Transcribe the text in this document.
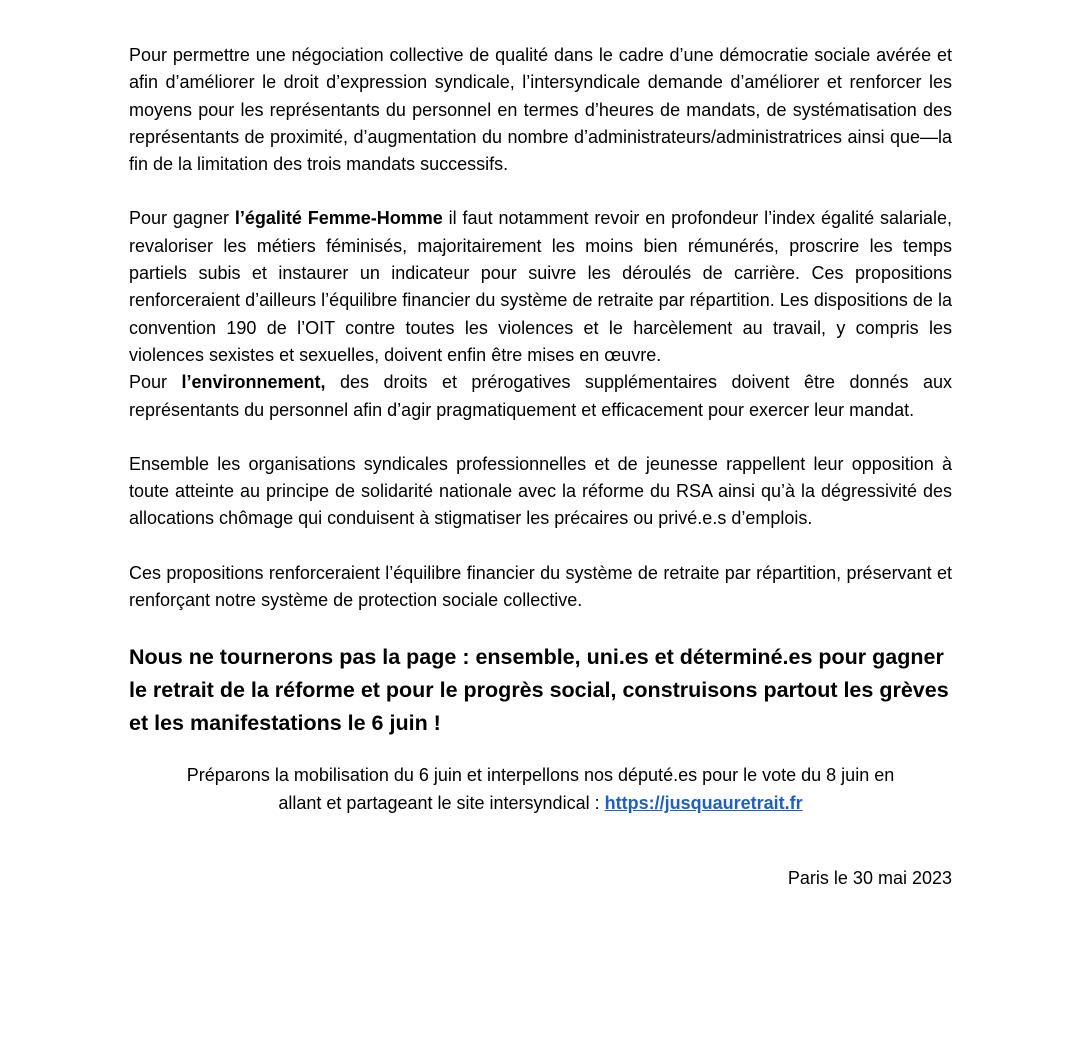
Pour permettre une négociation collective de qualité dans le cadre d’une démocratie sociale avérée et afin d’améliorer le droit d’expression syndicale, l’intersyndicale demande d’améliorer et renforcer les moyens pour les représentants du personnel en termes d’heures de mandats, de systématisation des représentants de proximité, d’augmentation du nombre d’administrateurs/administratrices ainsi que—la fin de la limitation des trois mandats successifs.

Pour gagner l’égalité Femme-Homme il faut notamment revoir en profondeur l’index égalité salariale, revaloriser les métiers féminisés, majoritairement les moins bien rémunérés, proscrire les temps partiels subis et instaurer un indicateur pour suivre les déroulés de carrière. Ces propositions renforceraient d’ailleurs l’équilibre financier du système de retraite par répartition. Les dispositions de la convention 190 de l’OIT contre toutes les violences et le harcèlement au travail, y compris les violences sexistes et sexuelles, doivent enfin être mises en œuvre.

Pour l’environnement, des droits et prérogatives supplémentaires doivent être donnés aux représentants du personnel afin d’agir pragmatiquement et efficacement pour exercer leur mandat.

Ensemble les organisations syndicales professionnelles et de jeunesse rappellent leur opposition à toute atteinte au principe de solidarité nationale avec la réforme du RSA ainsi qu’à la dégressivité des allocations chômage qui conduisent à stigmatiser les précaires ou privé.e.s d’emplois.

Ces propositions renforceraient l’équilibre financier du système de retraite par répartition, préservant et renforçant notre système de protection sociale collective.

Nous ne tournerons pas la page : ensemble, uni.es et déterminé.es pour gagner le retrait de la réforme et pour le progrès social, construisons partout les grèves et les manifestations le 6 juin !

Préparons la mobilisation du 6 juin et interpellons nos député.es pour le vote du 8 juin en
allant et partageant le site intersyndical : https://jusquauretrait.fr

Paris le 30 mai 2023
